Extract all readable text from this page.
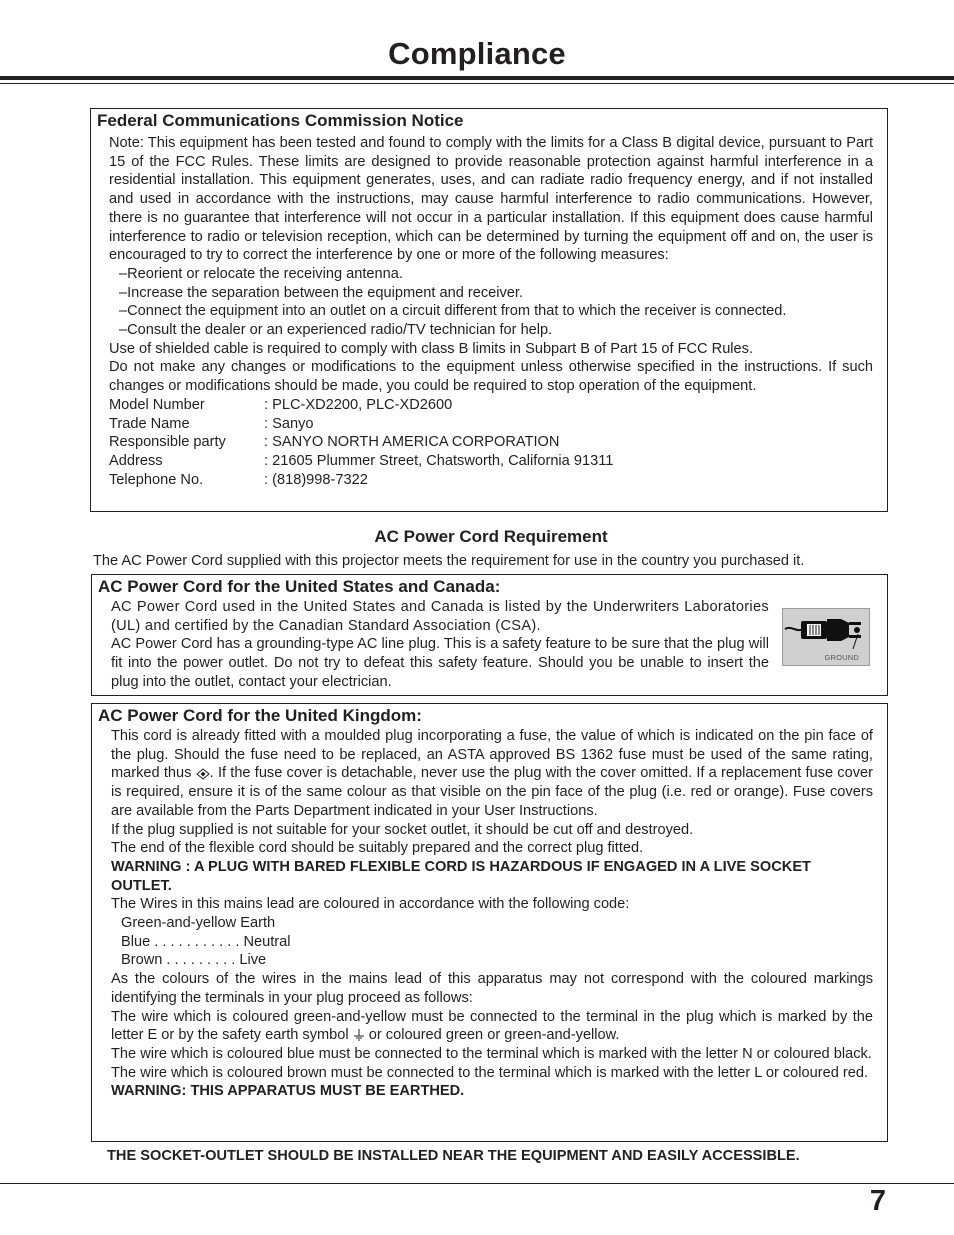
Compliance
Federal Communications Commission Notice

Note: This equipment has been tested and found to comply with the limits for a Class B digital device, pursuant to Part 15 of the FCC Rules. These limits are designed to provide reasonable protection against harmful interference in a residential installation. This equipment generates, uses, and can radiate radio frequency energy, and if not installed and used in accordance with the instructions, may cause harmful interference to radio communications. However, there is no guarantee that interference will not occur in a particular installation. If this equipment does cause harmful interference to radio or television reception, which can be determined by turning the equipment off and on, the user is encouraged to try to correct the interference by one or more of the following measures:

–Reorient or relocate the receiving antenna.
–Increase the separation between the equipment and receiver.
–Connect the equipment into an outlet on a circuit different from that to which the receiver is connected.
–Consult the dealer or an experienced radio/TV technician for help.

Use of shielded cable is required to comply with class B limits in Subpart B of Part 15 of FCC Rules.

Do not make any changes or modifications to the equipment unless otherwise specified in the instructions. If such changes or modifications should be made, you could be required to stop operation of the equipment.

Model Number	: PLC-XD2200, PLC-XD2600
Trade Name	: Sanyo
Responsible party	: SANYO NORTH AMERICA CORPORATION
Address	: 21605 Plummer Street, Chatsworth, California 91311
Telephone No.	: (818)998-7322
AC Power Cord Requirement
The AC Power Cord supplied with this projector meets the requirement for use in the country you purchased it.
AC Power Cord for the United States and Canada:

AC Power Cord used in the United States and Canada is listed by the Underwriters Laboratories (UL) and certified by the Canadian Standard Association (CSA).

AC Power Cord has a grounding-type AC line plug. This is a safety feature to be sure that the plug will fit into the power outlet. Do not try to defeat this safety feature. Should you be unable to insert the plug into the outlet, contact your electrician.

GROUND
AC Power Cord for the United Kingdom:

This cord is already fitted with a moulded plug incorporating a fuse, the value of which is indicated on the pin face of the plug. Should the fuse need to be replaced, an ASTA approved BS 1362 fuse must be used of the same rating, marked thus . If the fuse cover is detachable, never use the plug with the cover omitted. If a replacement fuse cover is required, ensure it is of the same colour as that visible on the pin face of the plug (i.e. red or orange). Fuse covers are available from the Parts Department indicated in your User Instructions.

If the plug supplied is not suitable for your socket outlet, it should be cut off and destroyed.

The end of the flexible cord should be suitably prepared and the correct plug fitted.

WARNING : A PLUG WITH BARED FLEXIBLE CORD IS HAZARDOUS IF ENGAGED IN A LIVE SOCKET OUTLET.

The Wires in this mains lead are coloured in accordance with the following code:

Green-and-yellow Earth
Blue . . . . . . . . . . . Neutral
Brown . . . . . . . . . Live

As the colours of the wires in the mains lead of this apparatus may not correspond with the coloured markings identifying the terminals in your plug proceed as follows:

The wire which is coloured green-and-yellow must be connected to the terminal in the plug which is marked by the letter E or by the safety earth symbol  or coloured green or green-and-yellow.

The wire which is coloured blue must be connected to the terminal which is marked with the letter N or coloured black.

The wire which is coloured brown must be connected to the terminal which is marked with the letter L or coloured red.

WARNING: THIS APPARATUS MUST BE EARTHED.

THE SOCKET-OUTLET SHOULD BE INSTALLED NEAR THE EQUIPMENT AND EASILY ACCESSIBLE.
7
